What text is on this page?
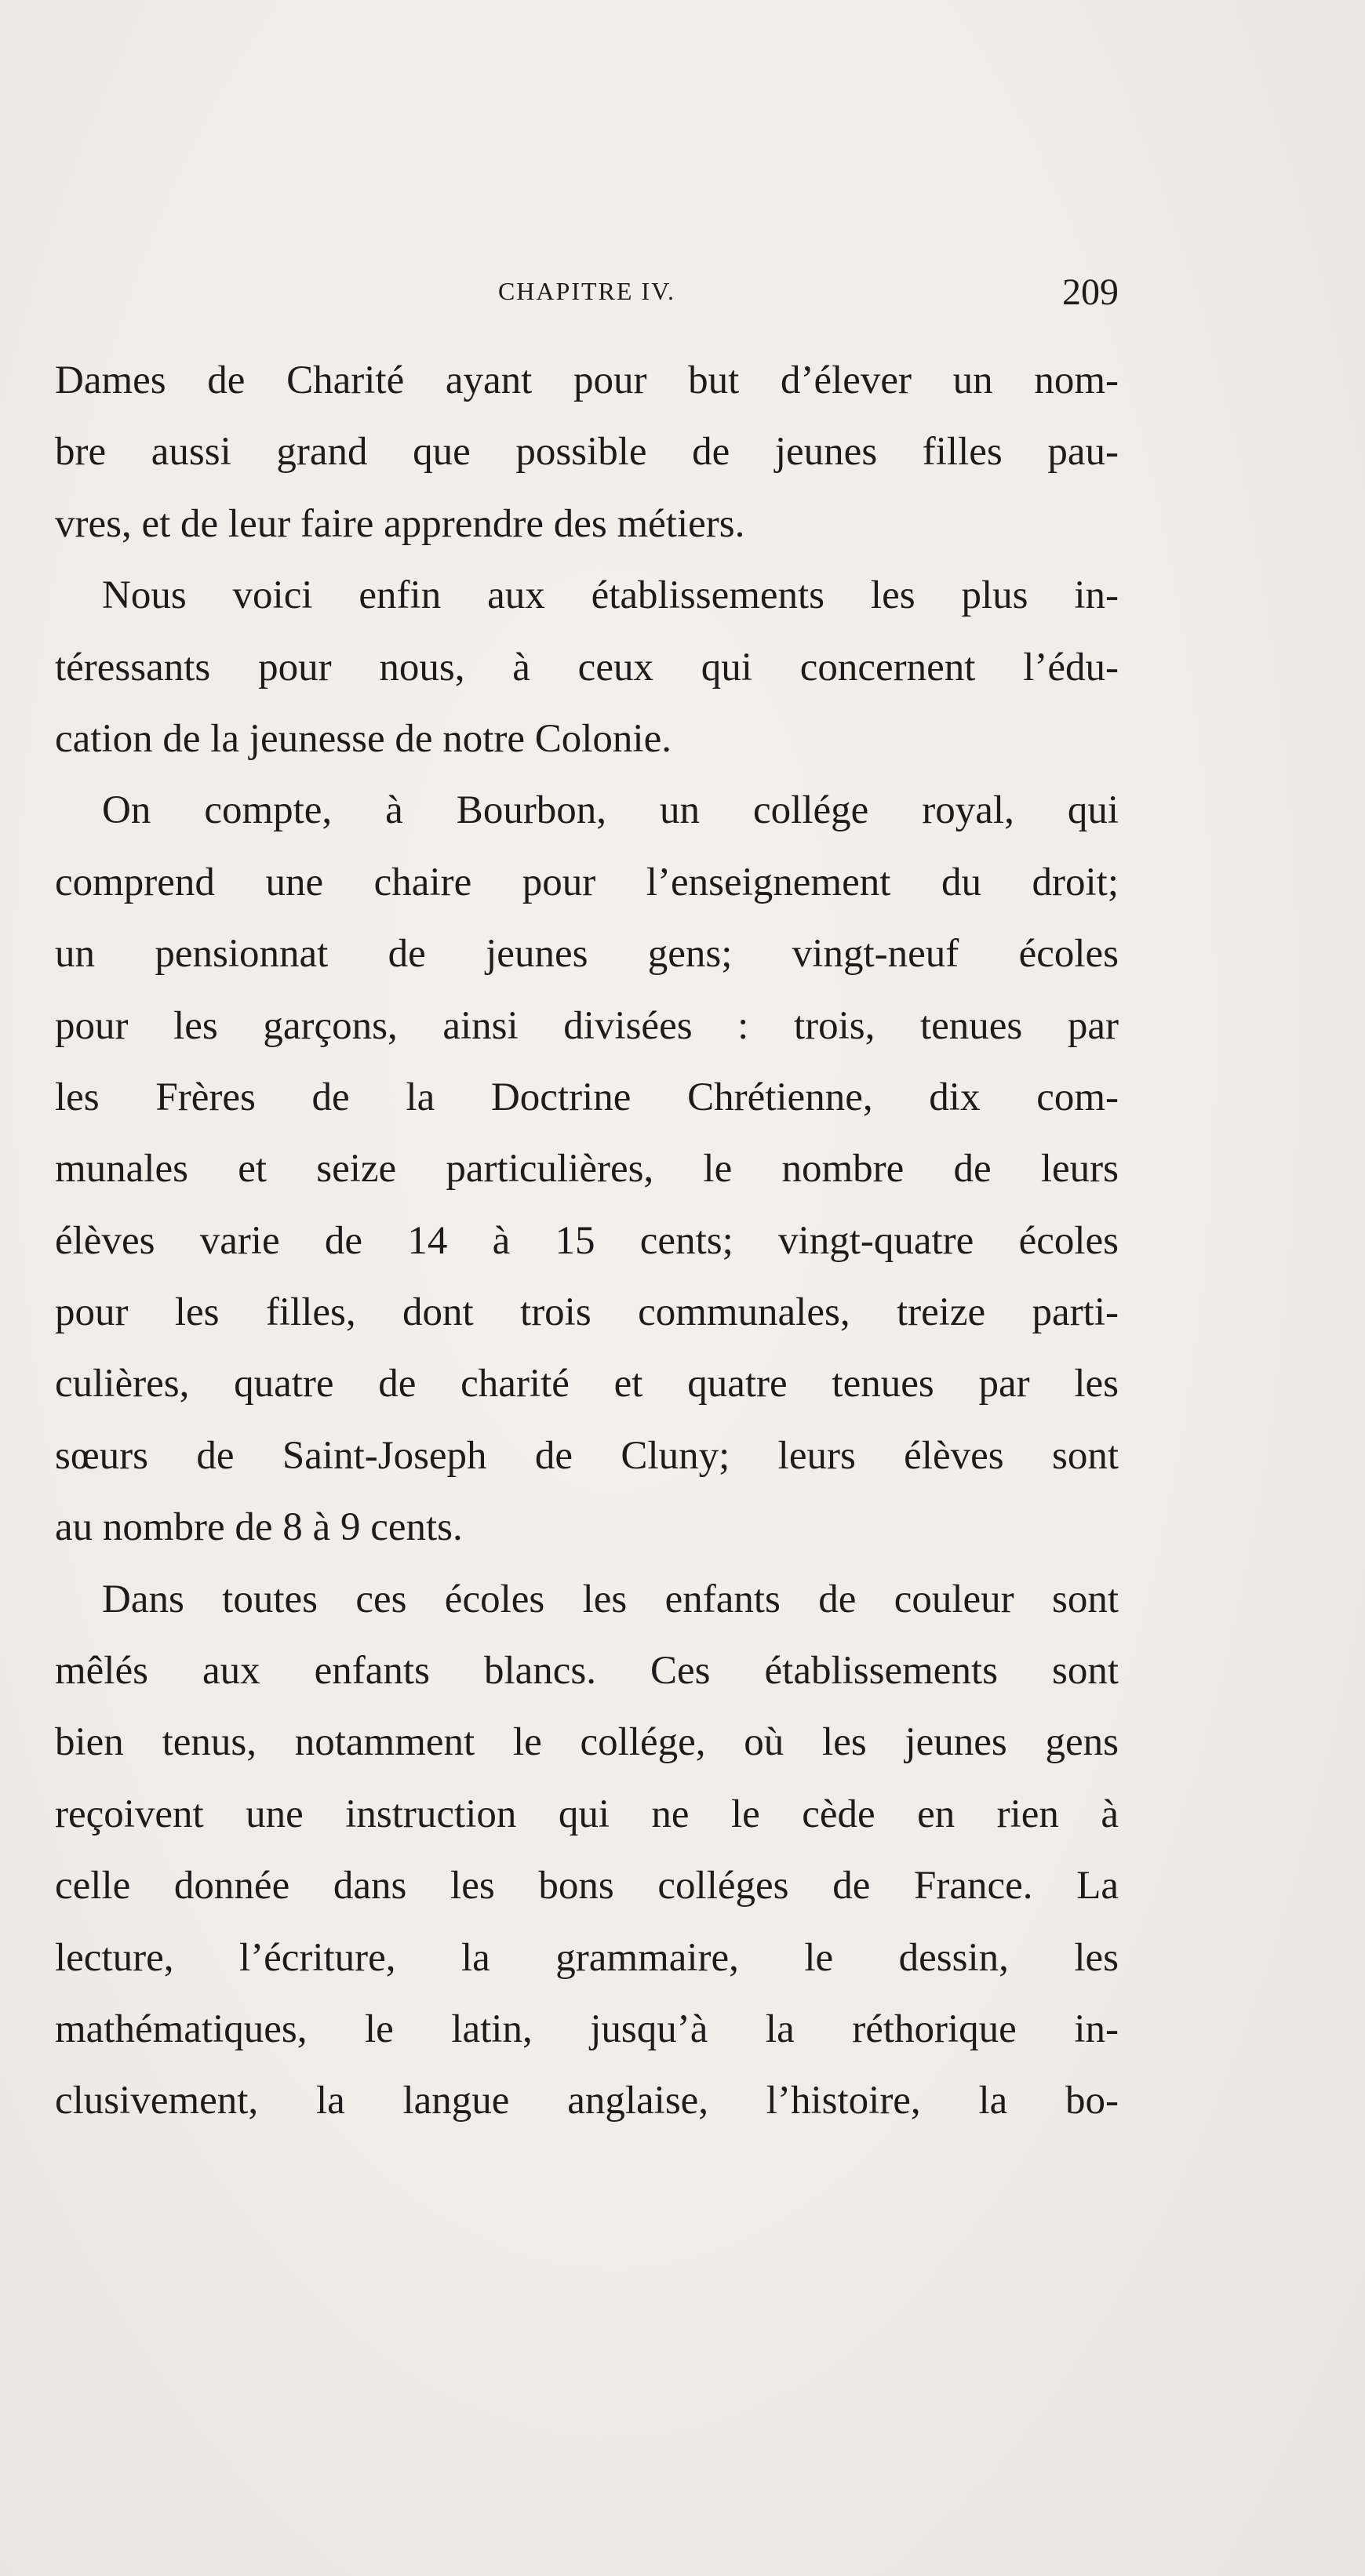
CHAPITRE IV.	209

Dames de Charité ayant pour but d’élever un nom-
bre aussi grand que possible de jeunes filles pau-
vres, et de leur faire apprendre des métiers.

Nous voici enfin aux établissements les plus in-
téressants pour nous, à ceux qui concernent l’édu-
cation de la jeunesse de notre Colonie.

On compte, à Bourbon, un collége royal, qui
comprend une chaire pour l’enseignement du droit;
un pensionnat de jeunes gens; vingt-neuf écoles
pour les garçons, ainsi divisées : trois, tenues par
les Frères de la Doctrine Chrétienne, dix com-
munales et seize particulières, le nombre de leurs
élèves varie de 14 à 15 cents; vingt-quatre écoles
pour les filles, dont trois communales, treize parti-
culières, quatre de charité et quatre tenues par les
sœurs de Saint-Joseph de Cluny; leurs élèves sont
au nombre de 8 à 9 cents.

Dans toutes ces écoles les enfants de couleur sont
mêlés aux enfants blancs. Ces établissements sont
bien tenus, notamment le collége, où les jeunes gens
reçoivent une instruction qui ne le cède en rien à
celle donnée dans les bons colléges de France. La
lecture, l’écriture, la grammaire, le dessin, les
mathématiques, le latin, jusqu’à la réthorique in-
clusivement, la langue anglaise, l’histoire, la bo-
